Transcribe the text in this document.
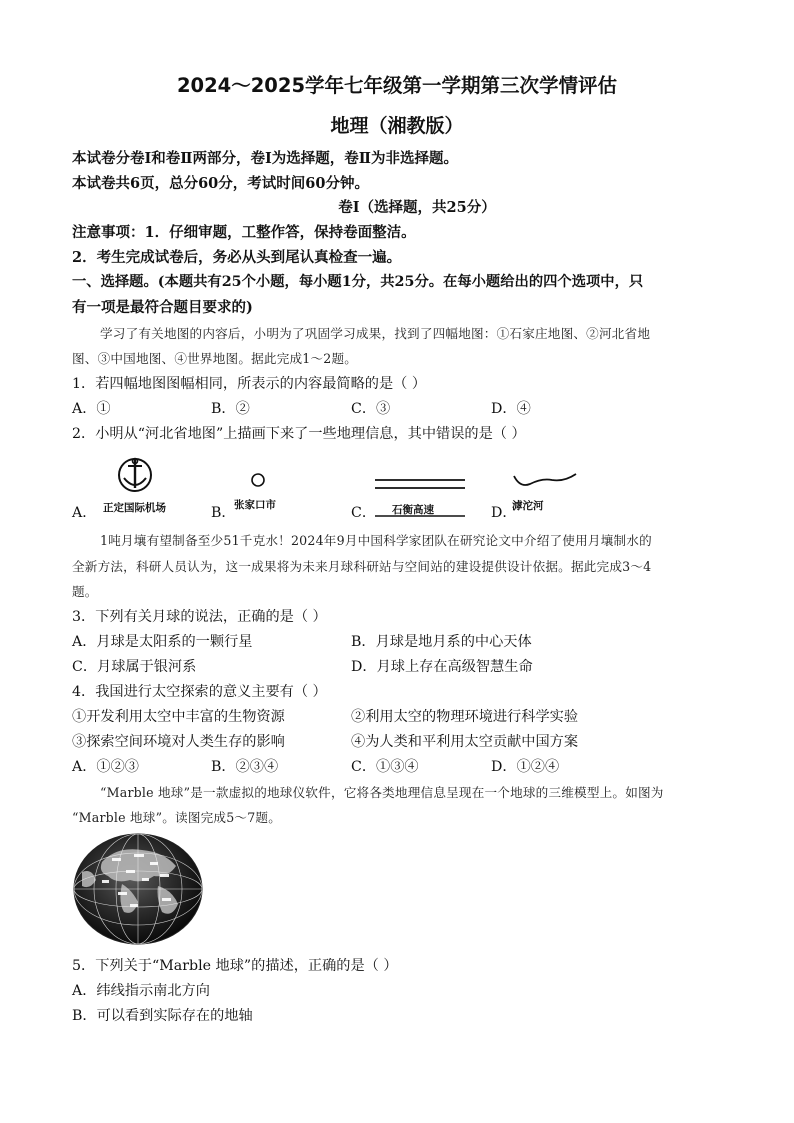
2024～2025学年七年级第一学期第三次学情评估
地理（湘教版）
本试卷分卷Ⅰ和卷Ⅱ两部分，卷Ⅰ为选择题，卷Ⅱ为非选择题。
本试卷共6页，总分60分，考试时间60分钟。
卷Ⅰ（选择题，共25分）
注意事项：1．仔细审题，工整作答，保持卷面整洁。
2．考生完成试卷后，务必从头到尾认真检查一遍。
一、选择题。(本题共有25个小题，每小题1分，共25分。在每小题给出的四个选项中，只
有一项是最符合题目要求的)
学习了有关地图的内容后，小明为了巩固学习成果，找到了四幅地图：①石家庄地图、②河北省地
图、③中国地图、④世界地图。据此完成1～2题。
1．若四幅地图图幅相同，所表示的内容最简略的是（ ）
A．①	B．②	C．③	D．④
2．小明从“河北省地图”上描画下来了一些地理信息，其中错误的是（ ）
A．	B．	C．	D．
正定国际机场	张家口市	石衡高速	滹沱河
1吨月壤有望制备至少51千克水！2024年9月中国科学家团队在研究论文中介绍了使用月壤制水的
全新方法，科研人员认为，这一成果将为未来月球科研站与空间站的建设提供设计依据。据此完成3～4
题。
3．下列有关月球的说法，正确的是（ ）
A．月球是太阳系的一颗行星	B．月球是地月系的中心天体
C．月球属于银河系	D．月球上存在高级智慧生命
4．我国进行太空探索的意义主要有（ ）
①开发利用太空中丰富的生物资源	②利用太空的物理环境进行科学实验
③探索空间环境对人类生存的影响	④为人类和平利用太空贡献中国方案
A．①②③	B．②③④	C．①③④	D．①②④
“Marble 地球”是一款虚拟的地球仪软件，它将各类地理信息呈现在一个地球的三维模型上。如图为
“Marble 地球”。读图完成5～7题。
5．下列关于“Marble 地球”的描述，正确的是（ ）
A．纬线指示南北方向
B．可以看到实际存在的地轴
